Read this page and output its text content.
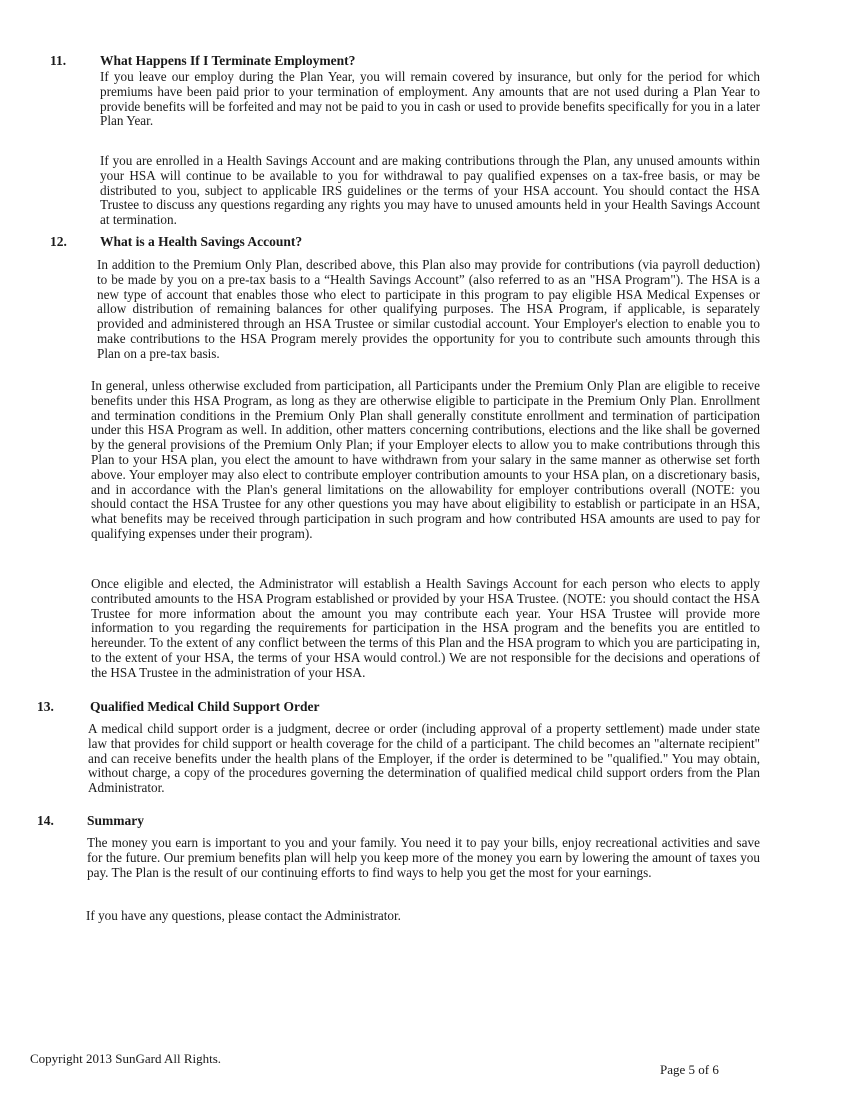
11.	What Happens If I Terminate Employment?

If you leave our employ during the Plan Year, you will remain covered by insurance, but only for the period for which premiums have been paid prior to your termination of employment. Any amounts that are not used during a Plan Year to provide benefits will be forfeited and may not be paid to you in cash or used to provide benefits specifically for you in a later Plan Year.

If you are enrolled in a Health Savings Account and are making contributions through the Plan, any unused amounts within your HSA will continue to be available to you for withdrawal to pay qualified expenses on a tax-free basis, or may be distributed to you, subject to applicable IRS guidelines or the terms of your HSA account. You should contact the HSA Trustee to discuss any questions regarding any rights you may have to unused amounts held in your Health Savings Account at termination.

12. What is a Health Savings Account?

In addition to the Premium Only Plan, described above, this Plan also may provide for contributions (via payroll deduction) to be made by you on a pre-tax basis to a “Health Savings Account” (also referred to as an "HSA Program"). The HSA is a new type of account that enables those who elect to participate in this program to pay eligible HSA Medical Expenses or allow distribution of remaining balances for other qualifying purposes. The HSA Program, if applicable, is separately provided and administered through an HSA Trustee or similar custodial account. Your Employer's election to enable you to make contributions to the HSA Program merely provides the opportunity for you to contribute such amounts through this Plan on a pre-tax basis.

In general, unless otherwise excluded from participation, all Participants under the Premium Only Plan are eligible to receive benefits under this HSA Program, as long as they are otherwise eligible to participate in the Premium Only Plan. Enrollment and termination conditions in the Premium Only Plan shall generally constitute enrollment and termination of participation under this HSA Program as well. In addition, other matters concerning contributions, elections and the like shall be governed by the general provisions of the Premium Only Plan; if your Employer elects to allow you to make contributions through this Plan to your HSA plan, you elect the amount to have withdrawn from your salary in the same manner as otherwise set forth above. Your employer may also elect to contribute employer contribution amounts to your HSA plan, on a discretionary basis, and in accordance with the Plan's general limitations on the allowability for employer contributions overall (NOTE: you should contact the HSA Trustee for any other questions you may have about eligibility to establish or participate in an HSA, what benefits may be received through participation in such program and how contributed HSA amounts are used to pay for qualifying expenses under their program).

Once eligible and elected, the Administrator will establish a Health Savings Account for each person who elects to apply contributed amounts to the HSA Program established or provided by your HSA Trustee. (NOTE: you should contact the HSA Trustee for more information about the amount you may contribute each year. Your HSA Trustee will provide more information to you regarding the requirements for participation in the HSA program and the benefits you are entitled to hereunder. To the extent of any conflict between the terms of this Plan and the HSA program to which you are participating in, to the extent of your HSA, the terms of your HSA would control.) We are not responsible for the decisions and operations of the HSA Trustee in the administration of your HSA.

13.	Qualified Medical Child Support Order

A medical child support order is a judgment, decree or order (including approval of a property settlement) made under state law that provides for child support or health coverage for the child of a participant. The child becomes an "alternate recipient" and can receive benefits under the health plans of the Employer, if the order is determined to be "qualified." You may obtain, without charge, a copy of the procedures governing the determination of qualified medical child support orders from the Plan Administrator.

14. Summary

The money you earn is important to you and your family. You need it to pay your bills, enjoy recreational activities and save for the future. Our premium benefits plan will help you keep more of the money you earn by lowering the amount of taxes you pay. The Plan is the result of our continuing efforts to find ways to help you get the most for your earnings.

If you have any questions, please contact the Administrator.

Copyright 2013 SunGard All Rights.
Page 5 of 6
